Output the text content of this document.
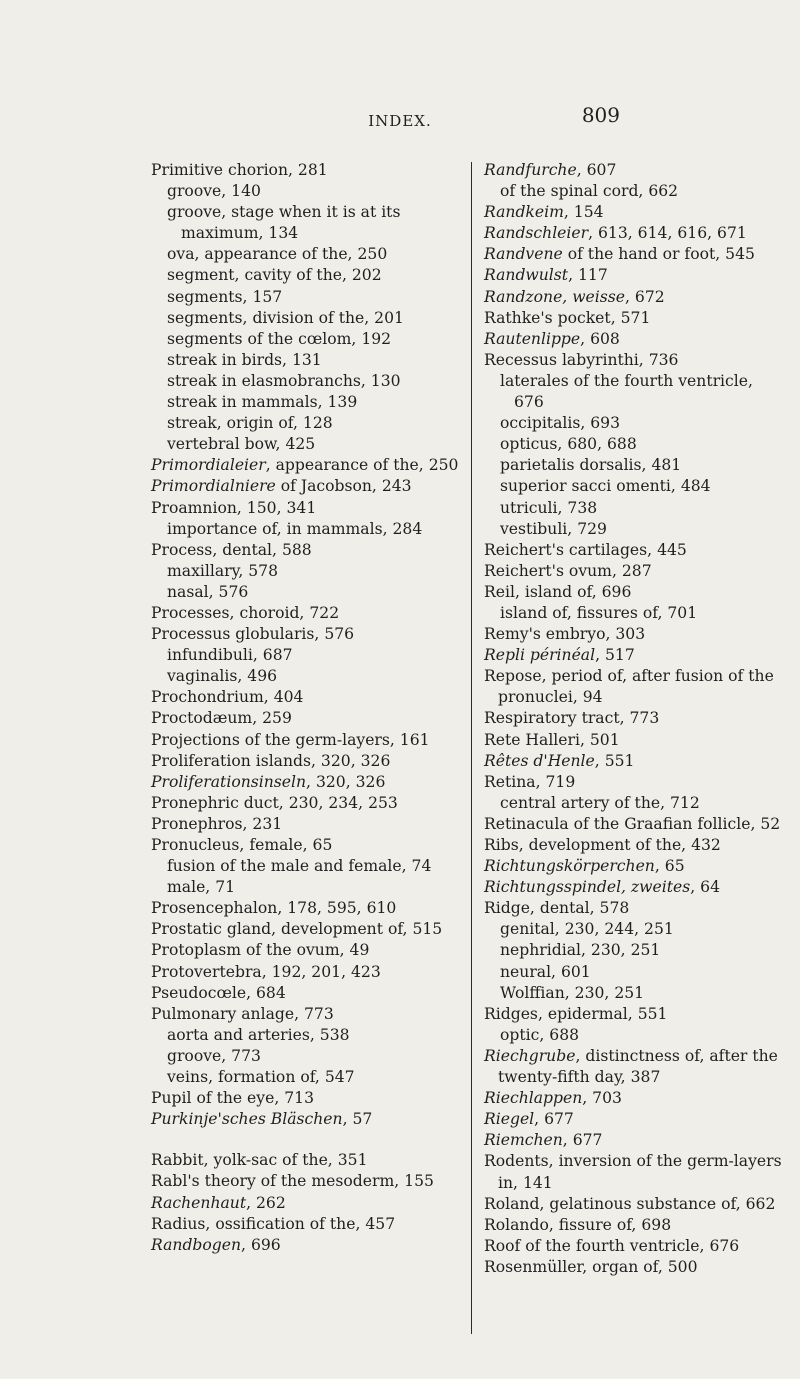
INDEX.	809
Primitive chorion, 281
groove, 140
groove, stage when it is at its maximum, 134
ova, appearance of the, 250
segment, cavity of the, 202
segments, 157
segments, division of the, 201
segments of the cœlom, 192
streak in birds, 131
streak in elasmobranchs, 130
streak in mammals, 139
streak, origin of, 128
vertebral bow, 425
Primordialeier, appearance of the, 250
Primordialniere of Jacobson, 243
Proamnion, 150, 341
importance of, in mammals, 284
Process, dental, 588
maxillary, 578
nasal, 576
Processes, choroid, 722
Processus globularis, 576
infundibuli, 687
vaginalis, 496
Prochondrium, 404
Proctodæum, 259
Projections of the germ-layers, 161
Proliferation islands, 320, 326
Proliferationsinseln, 320, 326
Pronephric duct, 230, 234, 253
Pronephros, 231
Pronucleus, female, 65
fusion of the male and female, 74
male, 71
Prosencephalon, 178, 595, 610
Prostatic gland, development of, 515
Protoplasm of the ovum, 49
Protovertebra, 192, 201, 423
Pseudocœle, 684
Pulmonary anlage, 773
aorta and arteries, 538
groove, 773
veins, formation of, 547
Pupil of the eye, 713
Purkinje'sches Bläschen, 57
Rabbit, yolk-sac of the, 351
Rabl's theory of the mesoderm, 155
Rachenhaut, 262
Radius, ossification of the, 457
Randbogen, 696
Randfurche, 607
of the spinal cord, 662
Randkeim, 154
Randschleier, 613, 614, 616, 671
Randvene of the hand or foot, 545
Randwulst, 117
Randzone, weisse, 672
Rathke's pocket, 571
Rautenlippe, 608
Recessus labyrinthi, 736
laterales of the fourth ventricle, 676
occipitalis, 693
opticus, 680, 688
parietalis dorsalis, 481
superior sacci omenti, 484
utriculi, 738
vestibuli, 729
Reichert's cartilages, 445
Reichert's ovum, 287
Reil, island of, 696
island of, fissures of, 701
Remy's embryo, 303
Repli périnéal, 517
Repose, period of, after fusion of the pronuclei, 94
Respiratory tract, 773
Rete Halleri, 501
Rêtes d'Henle, 551
Retina, 719
central artery of the, 712
Retinacula of the Graafian follicle, 52
Ribs, development of the, 432
Richtungskörperchen, 65
Richtungsspindel, zweites, 64
Ridge, dental, 578
genital, 230, 244, 251
nephridial, 230, 251
neural, 601
Wolffian, 230, 251
Ridges, epidermal, 551
optic, 688
Riechgrube, distinctness of, after the twenty-fifth day, 387
Riechlappen, 703
Riegel, 677
Riemchen, 677
Rodents, inversion of the germ-layers in, 141
Roland, gelatinous substance of, 662
Rolando, fissure of, 698
Roof of the fourth ventricle, 676
Rosenmüller, organ of, 500
